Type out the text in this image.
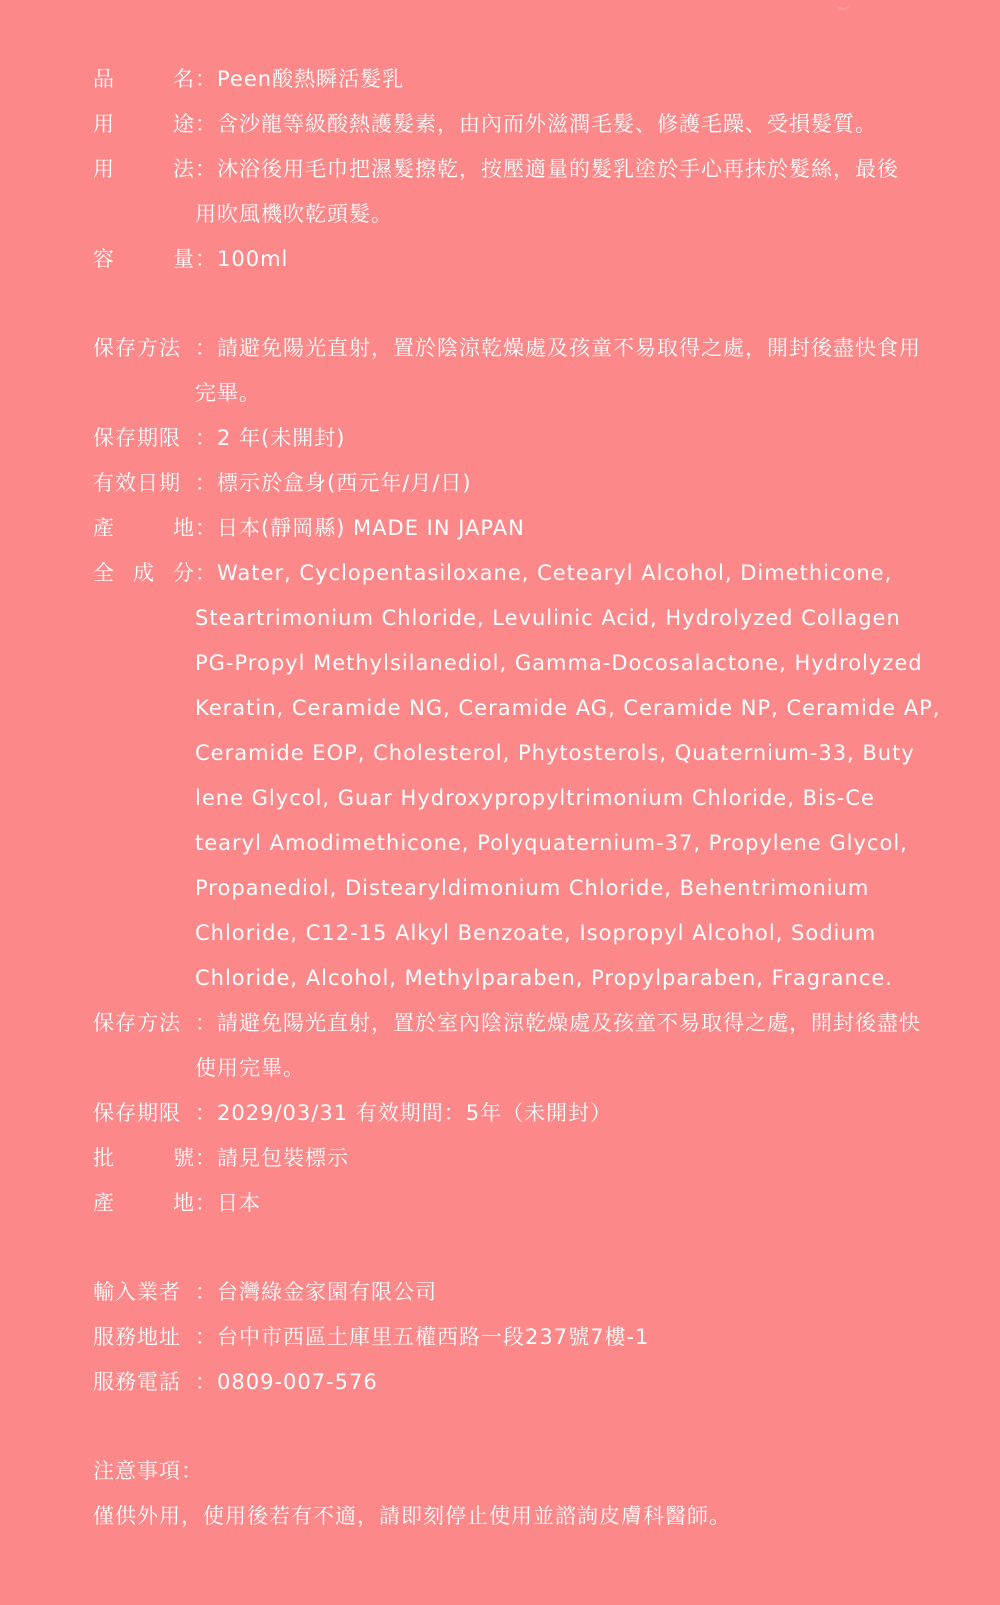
品	名 ：Peen酸熱瞬活髮乳
用	途 ：含沙龍等級酸熱護髮素，由內而外滋潤毛髮、修護毛躁、受損髮質。
用	法 ：沐浴後用毛巾把濕髮擦乾，按壓適量的髮乳塗於手心再抹於髮絲，最後
用吹風機吹乾頭髮。
容	量 ：100ml
保存方法 ：請避免陽光直射，置於陰涼乾燥處及孩童不易取得之處，開封後盡快食用
完畢。
保存期限 ：2 年(未開封)
有效日期 ：標示於盒身(西元年/月/日)
產	地 ：日本(靜岡縣) MADE IN JAPAN
全 成 分 ：Water, Cyclopentasiloxane, Cetearyl Alcohol, Dimethicone,
Steartrimonium Chloride, Levulinic Acid, Hydrolyzed Collagen
PG-Propyl Methylsilanediol, Gamma-Docosalactone, Hydrolyzed
Keratin, Ceramide NG, Ceramide AG, Ceramide NP, Ceramide AP,
Ceramide EOP, Cholesterol, Phytosterols, Quaternium-33, Buty
lene Glycol, Guar Hydroxypropyltrimonium Chloride, Bis-Ce
tearyl Amodimethicone, Polyquaternium-37, Propylene Glycol,
Propanediol, Distearyldimonium Chloride, Behentrimonium
Chloride, C12-15 Alkyl Benzoate, Isopropyl Alcohol, Sodium
Chloride, Alcohol, Methylparaben, Propylparaben, Fragrance.
保存方法 ：請避免陽光直射，置於室內陰涼乾燥處及孩童不易取得之處，開封後盡快
使用完畢。
保存期限 ：2029/03/31 有效期間：5年（未開封）
批	號 ：請見包裝標示
產	地 ：日本
輸入業者 ：台灣綠金家園有限公司
服務地址 ：台中市西區土庫里五權西路一段237號7樓-1
服務電話 ：0809-007-576
注意事項：
僅供外用，使用後若有不適，請即刻停止使用並諮詢皮膚科醫師。
